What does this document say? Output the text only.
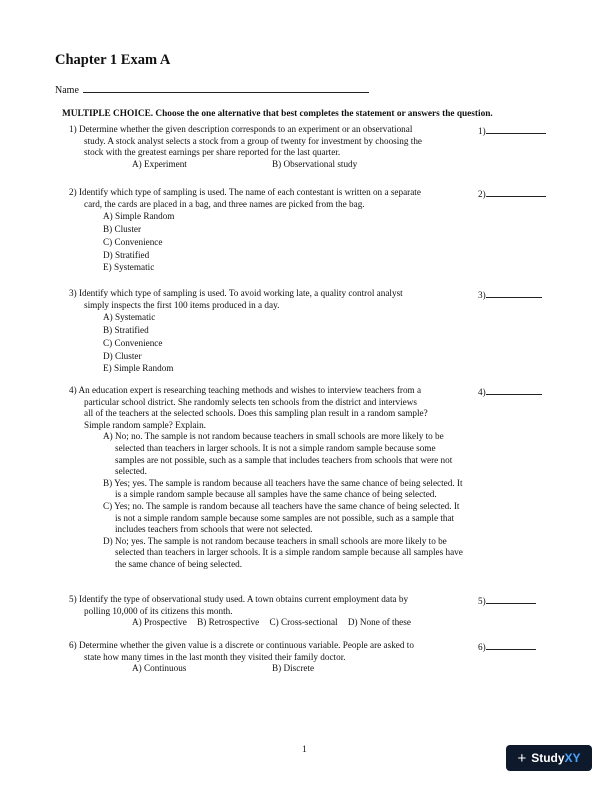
Chapter 1 Exam A
Name
MULTIPLE CHOICE. Choose the one alternative that best completes the statement or answers the question.
1) Determine whether the given description corresponds to an experiment or an observational
study. A stock analyst selects a stock from a group of twenty for investment by choosing the
stock with the greatest earnings per share reported for the last quarter.
A) Experiment	B) Observational study
1)
2) Identify which type of sampling is used. The name of each contestant is written on a separate
card, the cards are placed in a bag, and three names are picked from the bag.
A) Simple Random
B) Cluster
C) Convenience
D) Stratified
E) Systematic
2)
3) Identify which type of sampling is used. To avoid working late, a quality control analyst
simply inspects the first 100 items produced in a day.
A) Systematic
B) Stratified
C) Convenience
D) Cluster
E) Simple Random
3)
4) An education expert is researching teaching methods and wishes to interview teachers from a
particular school district. She randomly selects ten schools from the district and interviews
all of the teachers at the selected schools. Does this sampling plan result in a random sample?
Simple random sample? Explain.
A) No; no. The sample is not random because teachers in small schools are more likely to be selected than teachers in larger schools. It is not a simple random sample because some samples are not possible, such as a sample that includes teachers from schools that were not selected.
B) Yes; yes. The sample is random because all teachers have the same chance of being selected. It is a simple random sample because all samples have the same chance of being selected.
C) Yes; no. The sample is random because all teachers have the same chance of being selected. It is not a simple random sample because some samples are not possible, such as a sample that includes teachers from schools that were not selected.
D) No; yes. The sample is not random because teachers in small schools are more likely to be selected than teachers in larger schools. It is a simple random sample because all samples have the same chance of being selected.
4)
5) Identify the type of observational study used. A town obtains current employment data by
polling 10,000 of its citizens this month.
A) Prospective B) Retrospective C) Cross-sectional D) None of these
5)
6) Determine whether the given value is a discrete or continuous variable. People are asked to
state how many times in the last month they visited their family doctor.
A) Continuous	B) Discrete
6)
1	+ StudyXY
